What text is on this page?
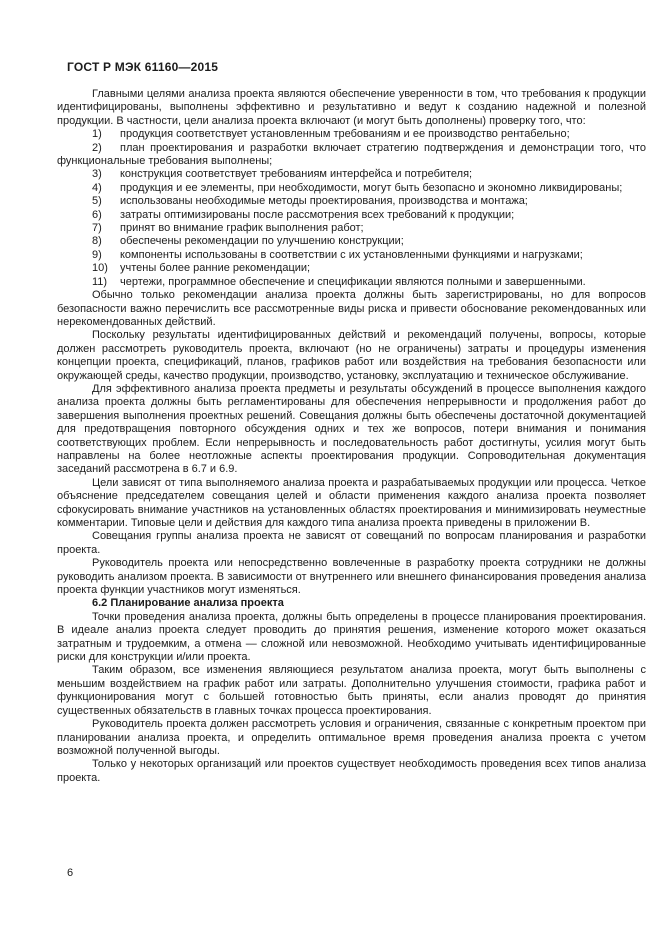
ГОСТ Р МЭК 61160—2015

Главными целями анализа проекта являются обеспечение уверенности в том, что требования к продукции идентифицированы, выполнены эффективно и результативно и ведут к созданию надежной и полезной продукции. В частности, цели анализа проекта включают (и могут быть дополнены) проверку того, что:

1) продукция соответствует установленным требованиям и ее производство рентабельно;

2) план проектирования и разработки включает стратегию подтверждения и демонстрации того, что функциональные требования выполнены;

3) конструкция соответствует требованиям интерфейса и потребителя;

4) продукция и ее элементы, при необходимости, могут быть безопасно и экономно ликвидированы;

5) использованы необходимые методы проектирования, производства и монтажа;

6) затраты оптимизированы после рассмотрения всех требований к продукции;

7) принят во внимание график выполнения работ;

8) обеспечены рекомендации по улучшению конструкции;

9) компоненты использованы в соответствии с их установленными функциями и нагрузками;

10) учтены более ранние рекомендации;

11) чертежи, программное обеспечение и спецификации являются полными и завершенными.

Обычно только рекомендации анализа проекта должны быть зарегистрированы, но для вопросов безопасности важно перечислить все рассмотренные виды риска и привести обоснование рекомендованных или нерекомендованных действий.

Поскольку результаты идентифицированных действий и рекомендаций получены, вопросы, которые должен рассмотреть руководитель проекта, включают (но не ограничены) затраты и процедуры изменения концепции проекта, спецификаций, планов, графиков работ или воздействия на требования безопасности или окружающей среды, качество продукции, производство, установку, эксплуатацию и техническое обслуживание.

Для эффективного анализа проекта предметы и результаты обсуждений в процессе выполнения каждого анализа проекта должны быть регламентированы для обеспечения непрерывности и продолжения работ до завершения выполнения проектных решений. Совещания должны быть обеспечены достаточной документацией для предотвращения повторного обсуждения одних и тех же вопросов, потери внимания и понимания соответствующих проблем. Если непрерывность и последовательность работ достигнуты, усилия могут быть направлены на более неотложные аспекты проектирования продукции. Сопроводительная документация заседаний рассмотрена в 6.7 и 6.9.

Цели зависят от типа выполняемого анализа проекта и разрабатываемых продукции или процесса. Четкое объяснение председателем совещания целей и области применения каждого анализа проекта позволяет сфокусировать внимание участников на установленных областях проектирования и минимизировать неуместные комментарии. Типовые цели и действия для каждого типа анализа проекта приведены в приложении В.

Совещания группы анализа проекта не зависят от совещаний по вопросам планирования и разработки проекта.

Руководитель проекта или непосредственно вовлеченные в разработку проекта сотрудники не должны руководить анализом проекта. В зависимости от внутреннего или внешнего финансирования проведения анализа проекта функции участников могут изменяться.

6.2 Планирование анализа проекта

Точки проведения анализа проекта, должны быть определены в процессе планирования проектирования. В идеале анализ проекта следует проводить до принятия решения, изменение которого может оказаться затратным и трудоемким, а отмена — сложной или невозможной. Необходимо учитывать идентифицированные риски для конструкции и/или проекта.

Таким образом, все изменения являющиеся результатом анализа проекта, могут быть выполнены с меньшим воздействием на график работ или затраты. Дополнительно улучшения стоимости, графика работ и функционирования могут с большей готовностью быть приняты, если анализ проводят до принятия существенных обязательств в главных точках процесса проектирования.

Руководитель проекта должен рассмотреть условия и ограничения, связанные с конкретным проектом при планировании анализа проекта, и определить оптимальное время проведения анализа проекта с учетом возможной полученной выгоды.

Только у некоторых организаций или проектов существует необходимость проведения всех типов анализа проекта.

6
